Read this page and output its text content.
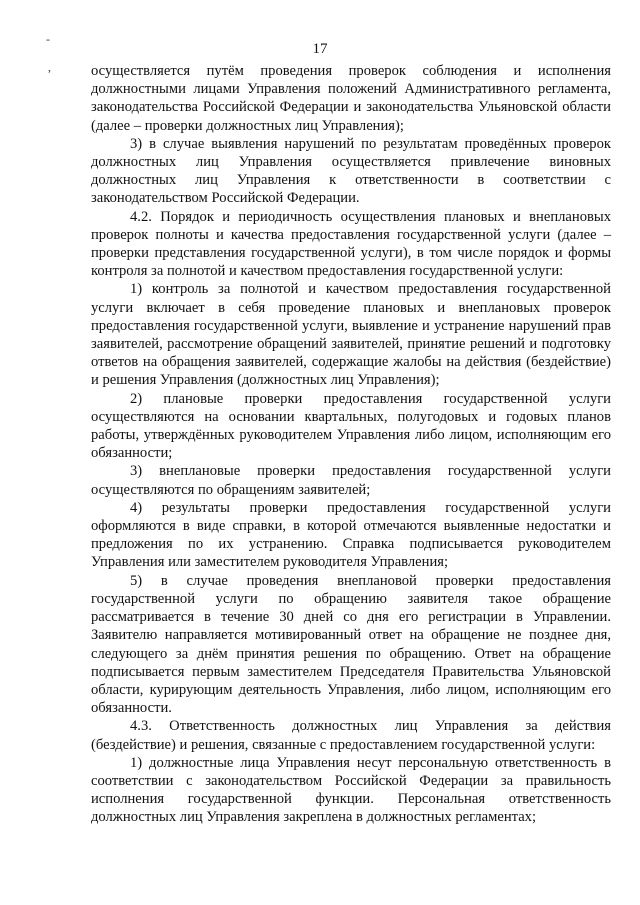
-
,
17

осуществляется путём проведения проверок соблюдения и исполнения должностными лицами Управления положений Административного регламента, законодательства Российской Федерации и законодательства Ульяновской области (далее – проверки должностных лиц Управления);

3) в случае выявления нарушений по результатам проведённых проверок должностных лиц Управления осуществляется привлечение виновных должностных лиц Управления к ответственности в соответствии с законодательством Российской Федерации.

4.2. Порядок и периодичность осуществления плановых и внеплановых проверок полноты и качества предоставления государственной услуги (далее – проверки представления государственной услуги), в том числе порядок и формы контроля за полнотой и качеством предоставления государственной услуги:

1) контроль за полнотой и качеством предоставления государственной услуги включает в себя проведение плановых и внеплановых проверок предоставления государственной услуги, выявление и устранение нарушений прав заявителей, рассмотрение обращений заявителей, принятие решений и подготовку ответов на обращения заявителей, содержащие жалобы на действия (бездействие) и решения Управления (должностных лиц Управления);

2) плановые проверки предоставления государственной услуги осуществляются на основании квартальных, полугодовых и годовых планов работы, утверждённых руководителем Управления либо лицом, исполняющим его обязанности;

3) внеплановые проверки предоставления государственной услуги осуществляются по обращениям заявителей;

4) результаты проверки предоставления государственной услуги оформляются в виде справки, в которой отмечаются выявленные недостатки и предложения по их устранению. Справка подписывается руководителем Управления или заместителем руководителя Управления;

5) в случае проведения внеплановой проверки предоставления государственной услуги по обращению заявителя такое обращение рассматривается в течение 30 дней со дня его регистрации в Управлении. Заявителю направляется мотивированный ответ на обращение не позднее дня, следующего за днём принятия решения по обращению. Ответ на обращение подписывается первым заместителем Председателя Правительства Ульяновской области, курирующим деятельность Управления, либо лицом, исполняющим его обязанности.

4.3. Ответственность должностных лиц Управления за действия (бездействие) и решения, связанные с предоставлением государственной услуги:

1) должностные лица Управления несут персональную ответственность в соответствии с законодательством Российской Федерации за правильность исполнения государственной функции. Персональная ответственность должностных лиц Управления закреплена в должностных регламентах;
